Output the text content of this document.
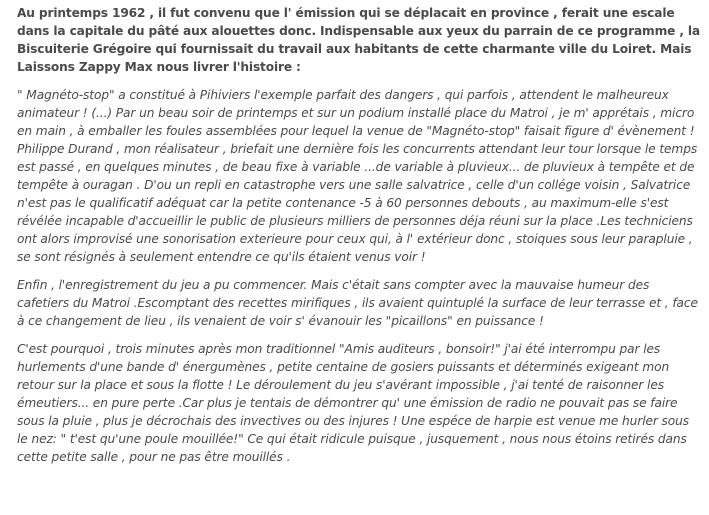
Au printemps 1962 , il fut convenu que l' émission qui se déplacait en province , ferait une escale dans la capitale du pâté aux alouettes donc. Indispensable aux yeux du parrain de ce programme , la Biscuiterie Grégoire qui fournissait du travail aux habitants de cette charmante ville du Loiret. Mais Laissons Zappy Max nous livrer l'histoire :

" Magnéto-stop" a constitué à Pihiviers l'exemple parfait des dangers , qui parfois , attendent le malheureux animateur ! (...) Par un beau soir de printemps et sur un podium installé place du Matroi , je m' apprétais , micro en main , à emballer les foules assemblées pour lequel la venue de "Magnéto-stop" faisait figure d' évènement ! Philippe Durand , mon réalisateur , briefait une dernière fois les concurrents attendant leur tour lorsque le temps est passé , en quelques minutes , de beau fixe à variable ...de variable à pluvieux... de pluvieux à tempête et de tempête à ouragan . D'ou un repli en catastrophe vers une salle salvatrice , celle d'un collége voisin , Salvatrice n'est pas le qualificatif adéquat car la petite contenance -5 à 60 personnes debouts , au maximum-elle s'est révélée incapable d'accueillir le public de plusieurs milliers de personnes déja réuni sur la place .Les techniciens ont alors improvisé une sonorisation exterieure pour ceux qui, à l' extérieur donc , stoiques sous leur parapluie , se sont résignés à seulement entendre ce qu'ils étaient venus voir !

Enfin , l'enregistrement du jeu a pu commencer. Mais c'était sans compter avec la mauvaise humeur des cafetiers du Matroi .Escomptant des recettes mirifiques , ils avaient quintuplé la surface de leur terrasse et , face à ce changement de lieu , ils venaient de voir s' évanouir les "picaillons" en puissance !

C'est pourquoi , trois minutes après mon traditionnel "Amis auditeurs , bonsoir!" j'ai été interrompu par les hurlements d'une bande d' énergumènes , petite centaine de gosiers puissants et déterminés exigeant mon retour sur la place et sous la flotte ! Le déroulement du jeu s'avérant impossible , j'ai tenté de raisonner les émeutiers... en pure perte .Car plus je tentais de démontrer qu' une émission de radio ne pouvait pas se faire sous la pluie , plus je décrochais des invectives ou des injures ! Une espéce de harpie est venue me hurler sous le nez: " t'est qu'une poule mouillée!" Ce qui était ridicule puisque , jusquement , nous nous étoins retirés dans cette petite salle , pour ne pas être mouillés .
